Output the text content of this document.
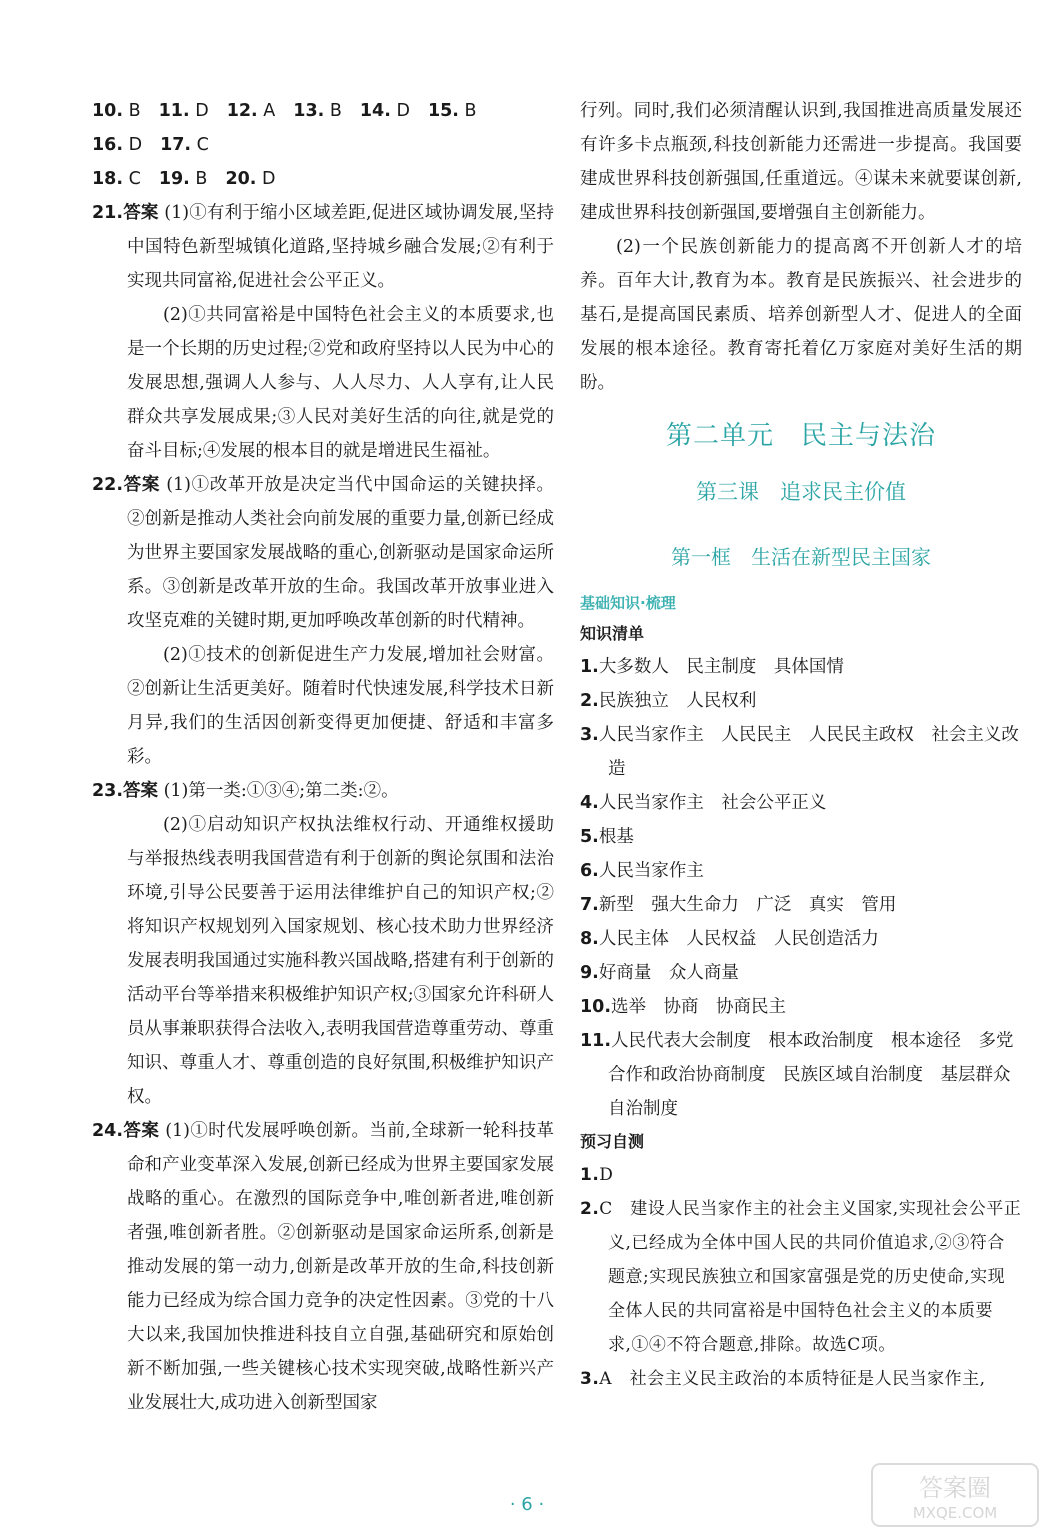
10. B 11. D 12. A 13. B 14. D 15. B16. D 17. C
18. C 19. B 20. D
21.答案 (1)①有利于缩小区域差距,促进区域协调发展,坚持中国特色新型城镇化道路,坚持城乡融合发展;②有利于实现共同富裕,促进社会公平正义。
(2)①共同富裕是中国特色社会主义的本质要求,也是一个长期的历史过程;②党和政府坚持以人民为中心的发展思想,强调人人参与、人人尽力、人人享有,让人民群众共享发展成果;③人民对美好生活的向往,就是党的奋斗目标;④发展的根本目的就是增进民生福祉。
22.答案 (1)①改革开放是决定当代中国命运的关键抉择。②创新是推动人类社会向前发展的重要力量,创新已经成为世界主要国家发展战略的重心,创新驱动是国家命运所系。③创新是改革开放的生命。我国改革开放事业进入攻坚克难的关键时期,更加呼唤改革创新的时代精神。
(2)①技术的创新促进生产力发展,增加社会财富。②创新让生活更美好。随着时代快速发展,科学技术日新月异,我们的生活因创新变得更加便捷、舒适和丰富多彩。
23.答案 (1)第一类:①③④;第二类:②。
(2)①启动知识产权执法维权行动、开通维权援助与举报热线表明我国营造有利于创新的舆论氛围和法治环境,引导公民要善于运用法律维护自己的知识产权;②将知识产权规划列入国家规划、核心技术助力世界经济发展表明我国通过实施科教兴国战略,搭建有利于创新的活动平台等举措来积极维护知识产权;③国家允许科研人员从事兼职获得合法收入,表明我国营造尊重劳动、尊重知识、尊重人才、尊重创造的良好氛围,积极维护知识产权。
24.答案 (1)①时代发展呼唤创新。当前,全球新一轮科技革命和产业变革深入发展,创新已经成为世界主要国家发展战略的重心。在激烈的国际竞争中,唯创新者进,唯创新者强,唯创新者胜。②创新驱动是国家命运所系,创新是推动发展的第一动力,创新是改革开放的生命,科技创新能力已经成为综合国力竞争的决定性因素。③党的十八大以来,我国加快推进科技自立自强,基础研究和原始创新不断加强,一些关键核心技术实现突破,战略性新兴产业发展壮大,成功进入创新型国家
行列。同时,我们必须清醒认识到,我国推进高质量发展还有许多卡点瓶颈,科技创新能力还需进一步提高。我国要建成世界科技创新强国,任重道远。④谋未来就要谋创新,建成世界科技创新强国,要增强自主创新能力。
(2)一个民族创新能力的提高离不开创新人才的培养。百年大计,教育为本。教育是民族振兴、社会进步的基石,是提高国民素质、培养创新型人才、促进人的全面发展的根本途径。教育寄托着亿万家庭对美好生活的期盼。
第二单元　民主与法治
第三课　追求民主价值
第一框　生活在新型民主国家
基础知识·梳理
知识清单
1.大多数人　民主制度　具体国情
2.民族独立　人民权利
3.人民当家作主　人民民主　人民民主政权　社会主义改造
4.人民当家作主　社会公平正义
5.根基
6.人民当家作主
7.新型　强大生命力　广泛　真实　管用
8.人民主体　人民权益　人民创造活力
9.好商量　众人商量
10.选举　协商　协商民主
11.人民代表大会制度　根本政治制度　根本途径　多党合作和政治协商制度　民族区域自治制度　基层群众自治制度
预习自测
1.D
2.C　建设人民当家作主的社会主义国家,实现社会公平正义,已经成为全体中国人民的共同价值追求,②③符合题意;实现民族独立和国家富强是党的历史使命,实现全体人民的共同富裕是中国特色社会主义的本质要求,①④不符合题意,排除。故选C项。
3.A　社会主义民主政治的本质特征是人民当家作主,
· 6 ·
答案圈
MXQE.COM
